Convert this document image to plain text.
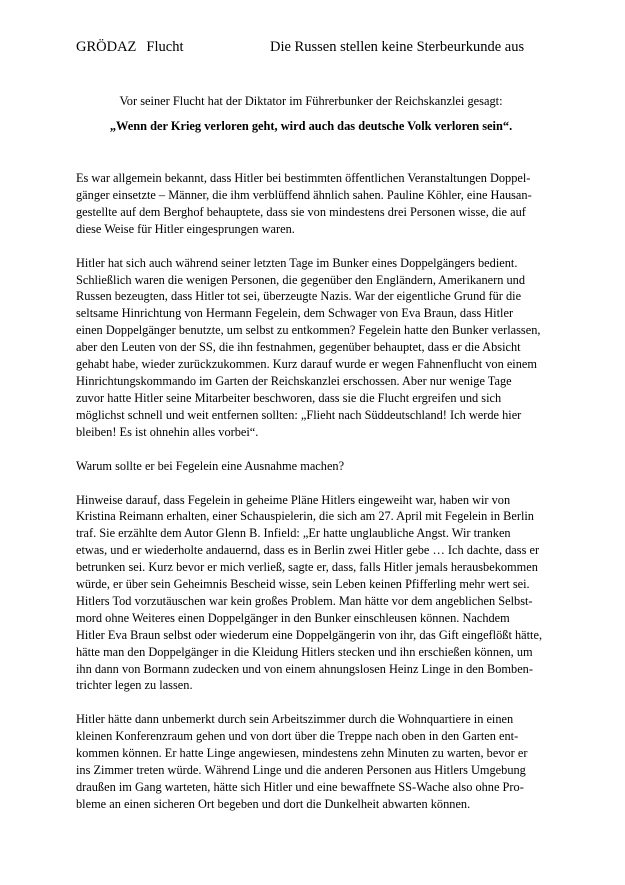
GRÖDAZ Flucht	Die Russen stellen keine Sterbeurkunde aus
Vor seiner Flucht hat der Diktator im Führerbunker der Reichskanzlei gesagt:
„Wenn der Krieg verloren geht, wird auch das deutsche Volk verloren sein“.

Es war allgemein bekannt, dass Hitler bei bestimmten öffentlichen Veranstaltungen Doppel-
gänger einsetzte – Männer, die ihm verblüffend ähnlich sahen. Pauline Köhler, eine Hausan-
gestellte auf dem Berghof behauptete, dass sie von mindestens drei Personen wisse, die auf
diese Weise für Hitler eingesprungen waren.

Hitler hat sich auch während seiner letzten Tage im Bunker eines Doppelgängers bedient.
Schließlich waren die wenigen Personen, die gegenüber den Engländern, Amerikanern und
Russen bezeugten, dass Hitler tot sei, überzeugte Nazis. War der eigentliche Grund für die
seltsame Hinrichtung von Hermann Fegelein, dem Schwager von Eva Braun, dass Hitler
einen Doppelgänger benutzte, um selbst zu entkommen? Fegelein hatte den Bunker verlassen,
aber den Leuten von der SS, die ihn festnahmen, gegenüber behauptet, dass er die Absicht
gehabt habe, wieder zurückzukommen. Kurz darauf wurde er wegen Fahnenflucht von einem
Hinrichtungskommando im Garten der Reichskanzlei erschossen. Aber nur wenige Tage
zuvor hatte Hitler seine Mitarbeiter beschworen, dass sie die Flucht ergreifen und sich
möglichst schnell und weit entfernen sollten: „Flieht nach Süddeutschland! Ich werde hier
bleiben! Es ist ohnehin alles vorbei“.

Warum sollte er bei Fegelein eine Ausnahme machen?

Hinweise darauf, dass Fegelein in geheime Pläne Hitlers eingeweiht war, haben wir von
Kristina Reimann erhalten, einer Schauspielerin, die sich am 27. April mit Fegelein in Berlin
traf. Sie erzählte dem Autor Glenn B. Infield: „Er hatte unglaubliche Angst. Wir tranken
etwas, und er wiederholte andauernd, dass es in Berlin zwei Hitler gebe … Ich dachte, dass er
betrunken sei. Kurz bevor er mich verließ, sagte er, dass, falls Hitler jemals herausbekommen
würde, er über sein Geheimnis Bescheid wisse, sein Leben keinen Pfifferling mehr wert sei.
Hitlers Tod vorzutäuschen war kein großes Problem. Man hätte vor dem angeblichen Selbst-
mord ohne Weiteres einen Doppelgänger in den Bunker einschleusen können. Nachdem
Hitler Eva Braun selbst oder wiederum eine Doppelgängerin von ihr, das Gift eingeflößt hätte,
hätte man den Doppelgänger in die Kleidung Hitlers stecken und ihn erschießen können, um
ihn dann von Bormann zudecken und von einem ahnungslosen Heinz Linge in den Bomben-
trichter legen zu lassen.

Hitler hätte dann unbemerkt durch sein Arbeitszimmer durch die Wohnquartiere in einen
kleinen Konferenzraum gehen und von dort über die Treppe nach oben in den Garten ent-
kommen können. Er hatte Linge angewiesen, mindestens zehn Minuten zu warten, bevor er
ins Zimmer treten würde. Während Linge und die anderen Personen aus Hitlers Umgebung
draußen im Gang warteten, hätte sich Hitler und eine bewaffnete SS-Wache also ohne Pro-
bleme an einen sicheren Ort begeben und dort die Dunkelheit abwarten können.
